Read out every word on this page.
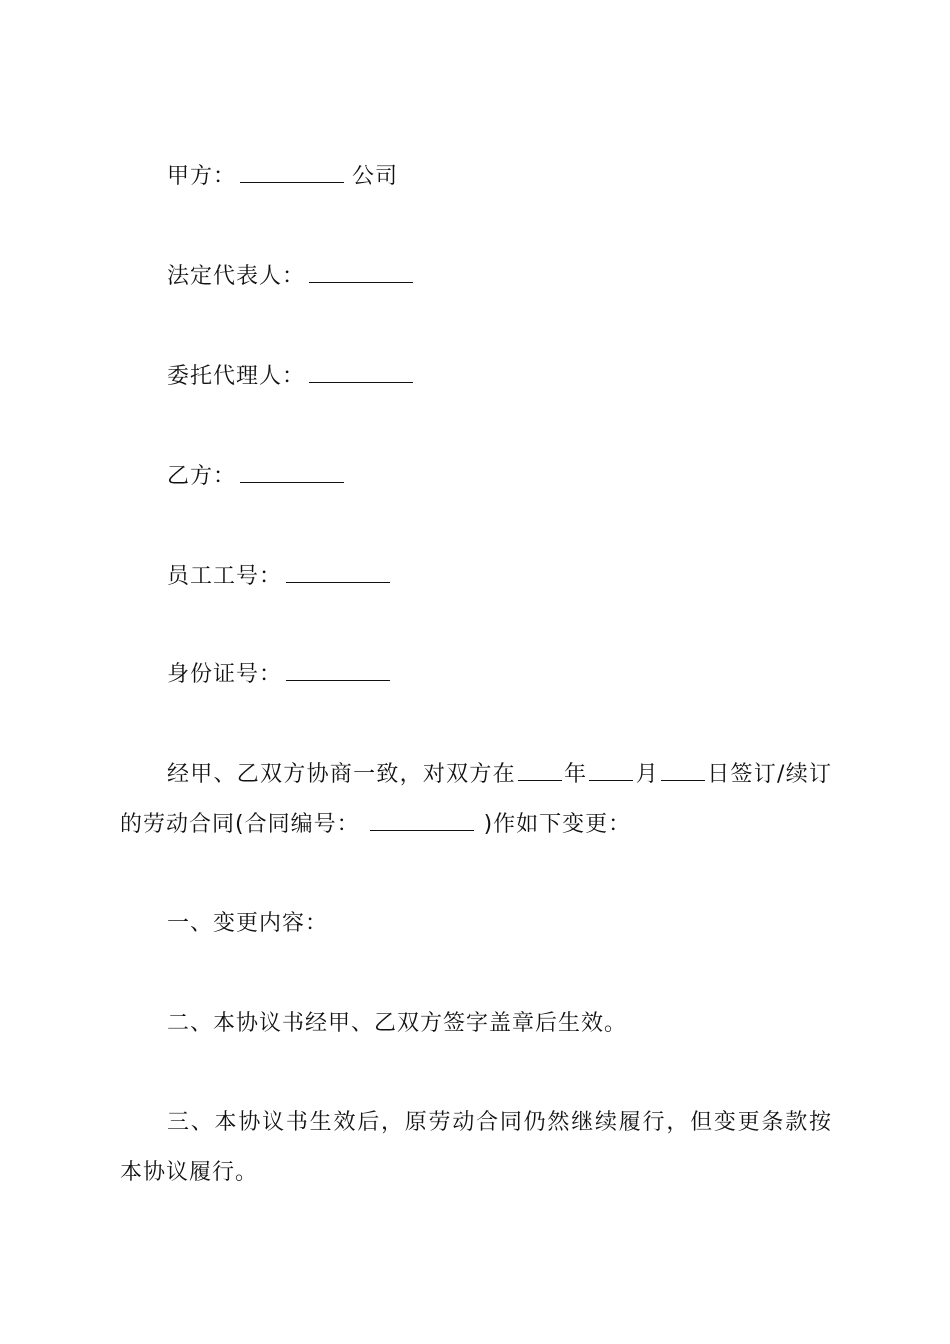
甲方：	公司
法定代表人：
委托代理人：
乙方：
员工工号：
身份证号：
经甲、乙双方协商一致，对双方在 年 月 日签订/续订的劳动合同(合同编号：	)作如下变更：
一、变更内容：
二、本协议书经甲、乙双方签字盖章后生效。
三、本协议书生效后，原劳动合同仍然继续履行，但变更条款按本协议履行。
